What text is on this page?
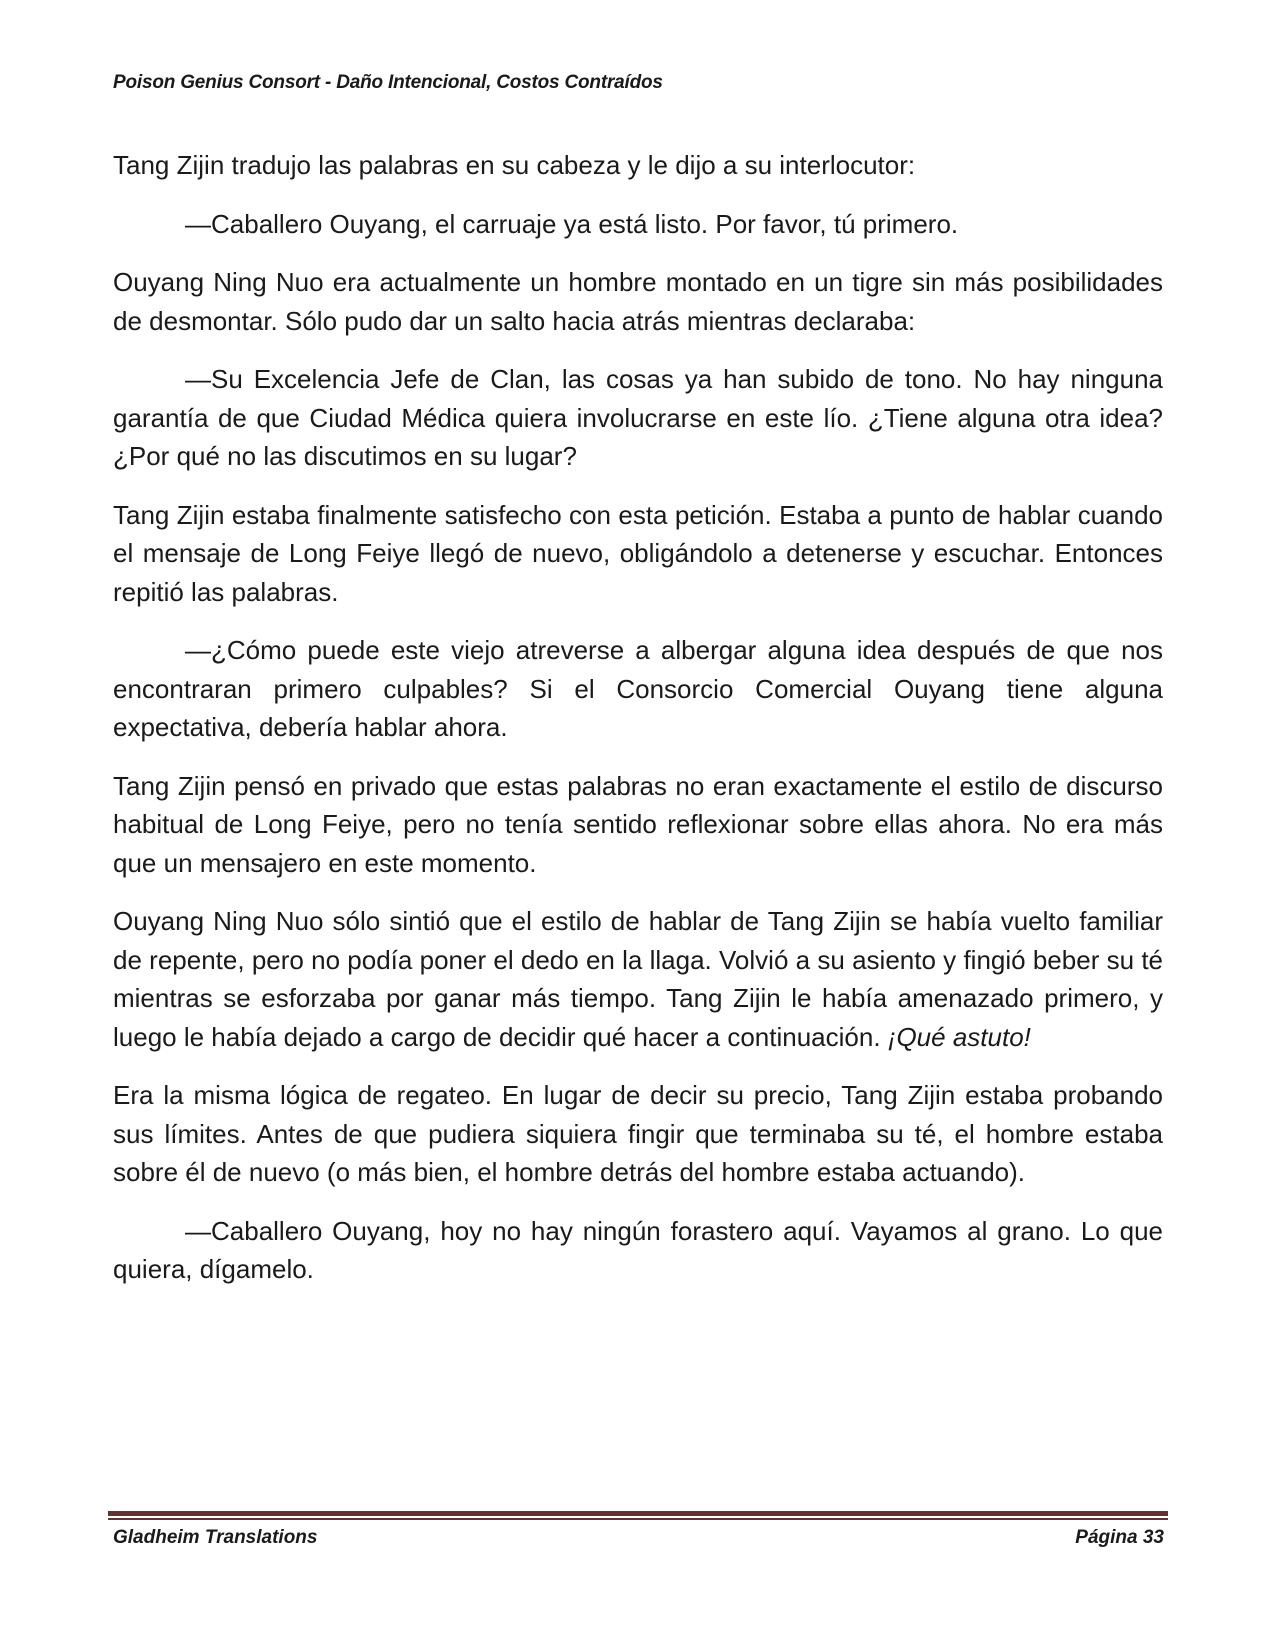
Poison Genius Consort - Daño Intencional, Costos Contraídos

Tang Zijin tradujo las palabras en su cabeza y le dijo a su interlocutor:

—Caballero Ouyang, el carruaje ya está listo. Por favor, tú primero.

Ouyang Ning Nuo era actualmente un hombre montado en un tigre sin más posibilidades de desmontar. Sólo pudo dar un salto hacia atrás mientras declaraba:

—Su Excelencia Jefe de Clan, las cosas ya han subido de tono. No hay ninguna garantía de que Ciudad Médica quiera involucrarse en este lío. ¿Tiene alguna otra idea? ¿Por qué no las discutimos en su lugar?

Tang Zijin estaba finalmente satisfecho con esta petición. Estaba a punto de hablar cuando el mensaje de Long Feiye llegó de nuevo, obligándolo a detenerse y escuchar. Entonces repitió las palabras.

—¿Cómo puede este viejo atreverse a albergar alguna idea después de que nos encontraran primero culpables? Si el Consorcio Comercial Ouyang tiene alguna expectativa, debería hablar ahora.

Tang Zijin pensó en privado que estas palabras no eran exactamente el estilo de discurso habitual de Long Feiye, pero no tenía sentido reflexionar sobre ellas ahora. No era más que un mensajero en este momento.

Ouyang Ning Nuo sólo sintió que el estilo de hablar de Tang Zijin se había vuelto familiar de repente, pero no podía poner el dedo en la llaga. Volvió a su asiento y fingió beber su té mientras se esforzaba por ganar más tiempo. Tang Zijin le había amenazado primero, y luego le había dejado a cargo de decidir qué hacer a continuación. ¡Qué astuto!

Era la misma lógica de regateo. En lugar de decir su precio, Tang Zijin estaba probando sus límites. Antes de que pudiera siquiera fingir que terminaba su té, el hombre estaba sobre él de nuevo (o más bien, el hombre detrás del hombre estaba actuando).

—Caballero Ouyang, hoy no hay ningún forastero aquí. Vayamos al grano. Lo que quiera, dígamelo.

Gladheim Translations	Página 33
